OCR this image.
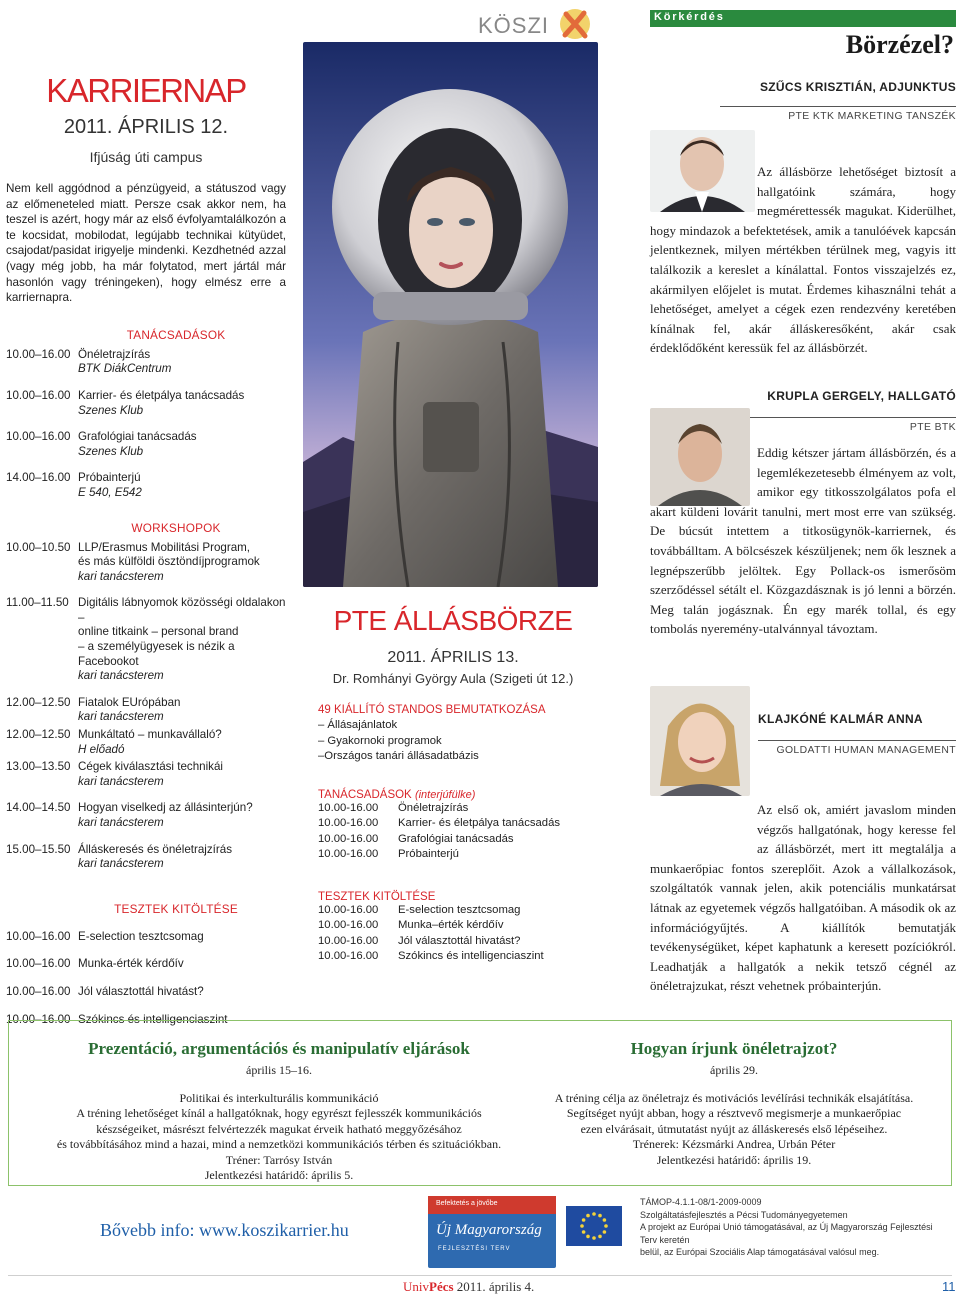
KARRIERNAP
2011. ÁPRILIS 12.
Ifjúság úti campus

Nem kell aggódnod a pénzügyeid, a státuszod vagy az előmeneteled miatt. Persze csak akkor nem, ha teszel is azért, hogy már az első évfolyamtalálkozón a te kocsidat, mobilodat, legújabb technikai kütyüdet, csajodat/pasidat irigyelje mindenki. Kezdhetnéd azzal (vagy még jobb, ha már folytatod, mert jártál már hasonlón vagy tréningeken), hogy elmész erre a karriernapra.

TANÁCSADÁSOK
10.00–16.00 Önéletrajzírás
BTK DiákCentrum
10.00–16.00 Karrier- és életpálya tanácsadás
Szenes Klub
10.00–16.00 Grafológiai tanácsadás
Szenes Klub
14.00–16.00 Próbainterjú
E 540, E542
WORKSHOPOK
10.00–10.50 LLP/Erasmus Mobilitási Program,
és más külföldi ösztöndíjprogramok
kari tanácsterem
11.00–11.50 Digitális lábnyomok közösségi oldalakon –
online titkaink – personal brand
– a személyügyesek is nézik a Facebookot
kari tanácsterem
12.00–12.50 Fiatalok EUrópában
kari tanácsterem
12.00–12.50 Munkáltató – munkavállaló?
H előadó
13.00–13.50 Cégek kiválasztási technikái
kari tanácsterem
14.00–14.50 Hogyan viselkedj az állásinterjún?
kari tanácsterem
15.00–15.50 Álláskeresés és önéletrajzírás
kari tanácsterem
TESZTEK KITÖLTÉSE
10.00–16.00 E-selection tesztcsomag
10.00–16.00 Munka-érték kérdőív
10.00–16.00 Jól választottál hivatást?
10.00–16.00 Szókincs és intelligenciaszint
KÖSZI
PTE ÁLLÁSBÖRZE
2011. ÁPRILIS 13.
Dr. Romhányi György Aula (Szigeti út 12.)
49 KIÁLLÍTÓ STANDOS BEMUTATKOZÁSA
– Állásajánlatok
– Gyakornoki programok
–Országos tanári állásadatbázis
TANÁCSADÁSOK (interjúfülke)
10.00-16.00	Önéletrajzírás
10.00-16.00	Karrier- és életpálya tanácsadás
10.00-16.00	Grafológiai tanácsadás
10.00-16.00	Próbainterjú
TESZTEK KITÖLTÉSE
10.00-16.00	E-selection tesztcsomag
10.00-16.00	Munka–érték kérdőív
10.00-16.00	Jól választottál hivatást?
10.00-16.00	Szókincs és intelligenciaszint
Körkérdés
Börzézel?
SZŰCS KRISZTIÁN, ADJUNKTUS
PTE KTK MARKETING TANSZÉK

Az állásbörze lehetőséget biztosít a hallgatóink számára, hogy megmérettessék magukat. Kiderülhet, hogy mindazok a befektetések, amik a tanulóévek kapcsán jelentkeznek, milyen mértékben térülnek meg, vagyis itt találkozik a kereslet a kínálattal. Fontos visszajelzés ez, akármilyen előjelet is mutat. Érdemes kihasználni tehát a lehetőséget, amelyet a cégek ezen rendezvény keretében kínálnak fel, akár álláskeresőként, akár csak érdeklődőként keressük fel az állásbörzét.

KRUPLA GERGELY, HALLGATÓ
PTE BTK

Eddig kétszer jártam állásbörzén, és a legemlékezetesebb élményem az volt, amikor egy titkosszolgálatos pofa el akart küldeni lovárit tanulni, mert most erre van szükség. De búcsút intettem a titkosügynök-karriernek, és továbbálltam. A bölcsészek készüljenek; nem ők lesznek a legnépszerűbb jelöltek. Egy Pollack-os ismerősöm szerződéssel sétált el. Közgazdásznak is jó lenni a börzén. Meg talán jogásznak. Én egy marék tollal, és egy tombolás nyeremény-utalvánnyal távoztam.

KLAJKÓNÉ KALMÁR ANNA
GOLDATTI HUMAN MANAGEMENT

Az első ok, amiért javaslom minden végzős hallgatónak, hogy keresse fel az állásbörzét, mert itt megtalálja a munkaerőpiac fontos szereplőit. Azok a vállalkozások, szolgáltatók vannak jelen, akik potenciális munkatársat látnak az egyetemek végzős hallgatóiban. A második ok az információgyűjtés. A kiállítók bemutatják tevékenységüket, képet kaphatunk a keresett pozíciókról. Leadhatják a hallgatók a nekik tetsző cégnél az önéletrajzukat, részt vehetnek próbainterjún.

Prezentáció, argumentációs és manipulatív eljárások
április 15–16.
Politikai és interkulturális kommunikáció
A tréning lehetőséget kínál a hallgatóknak, hogy egyrészt fejlesszék kommunikációs
készségeiket, másrészt felvértezzék magukat érveik hatható meggyőzésához
és továbbításához mind a hazai, mind a nemzetközi kommunikációs térben és szituációkban.
Tréner: Tarrósy István
Jelentkezési határidő: április 5.
Hogyan írjunk önéletrajzot?
április 29.
A tréning célja az önéletrajz és motivációs levélírási technikák elsajátítása.
Segítséget nyújt abban, hogy a résztvevő megismerje a munkaerőpiac
ezen elvárásait, útmutatást nyújt az álláskeresés első lépéseihez.
Trénerek: Kézsmárki Andrea, Urbán Péter
Jelentkezési határidő: április 19.
Bővebb info: www.koszikarrier.hu
Befektetés a jövőbe
Új Magyarország
FEJLESZTÉSI TERV
TÁMOP-4.1.1-08/1-2009-0009
Szolgáltatásfejlesztés a Pécsi Tudományegyetemen
A projekt az Európai Unió támogatásával, az Új Magyarország Fejlesztési Terv keretén
belül, az Európai Szociális Alap támogatásával valósul meg.
UnivPécs 2011. április 4.	11
